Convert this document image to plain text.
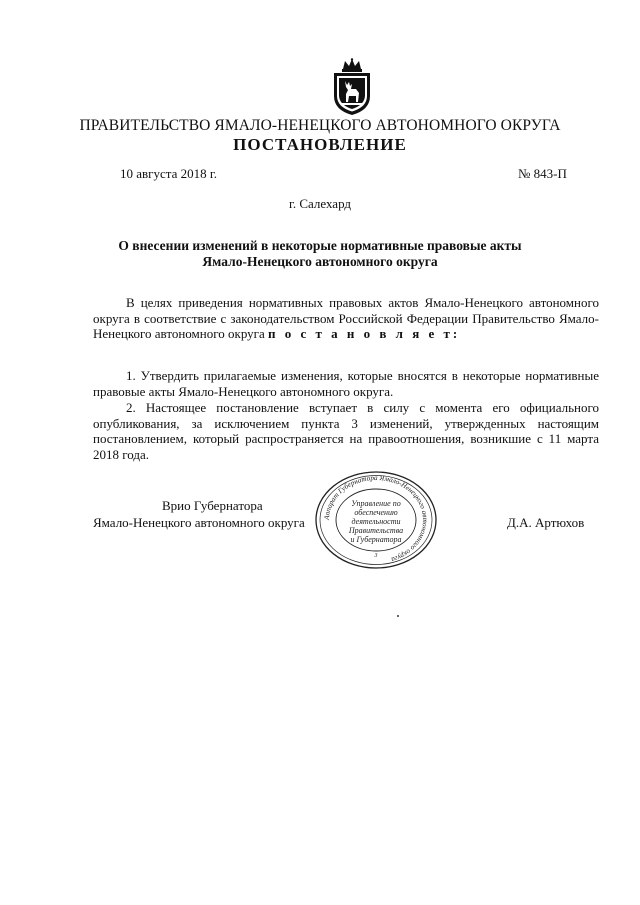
ПРАВИТЕЛЬСТВО ЯМАЛО-НЕНЕЦКОГО АВТОНОМНОГО ОКРУГА
ПОСТАНОВЛЕНИЕ
10 августа 2018 г.	№ 843-П
г. Салехард
О внесении изменений в некоторые нормативные правовые акты
Ямало-Ненецкого автономного округа
В целях приведения нормативных правовых актов Ямало-Ненецкого автономного округа в соответствие с законодательством Российской Федерации Правительство Ямало-Ненецкого автономного округа п о с т а н о в л я е т:
1. Утвердить прилагаемые изменения, которые вносятся в некоторые нормативные правовые акты Ямало-Ненецкого автономного округа.
2. Настоящее постановление вступает в силу с момента его официального опубликования, за исключением пункта 3 изменений, утвержденных настоящим постановлением, который распространяется на правоотношения, возникшие с 11 марта 2018 года.
Врио Губернатора
Ямало-Ненецкого автономного округа	Д.А. Артюхов
Аппарат Губернатора Ямало-Ненецкого автономного округа
Управление по
обеспечению
деятельности
Правительства
и Губернатора
3
